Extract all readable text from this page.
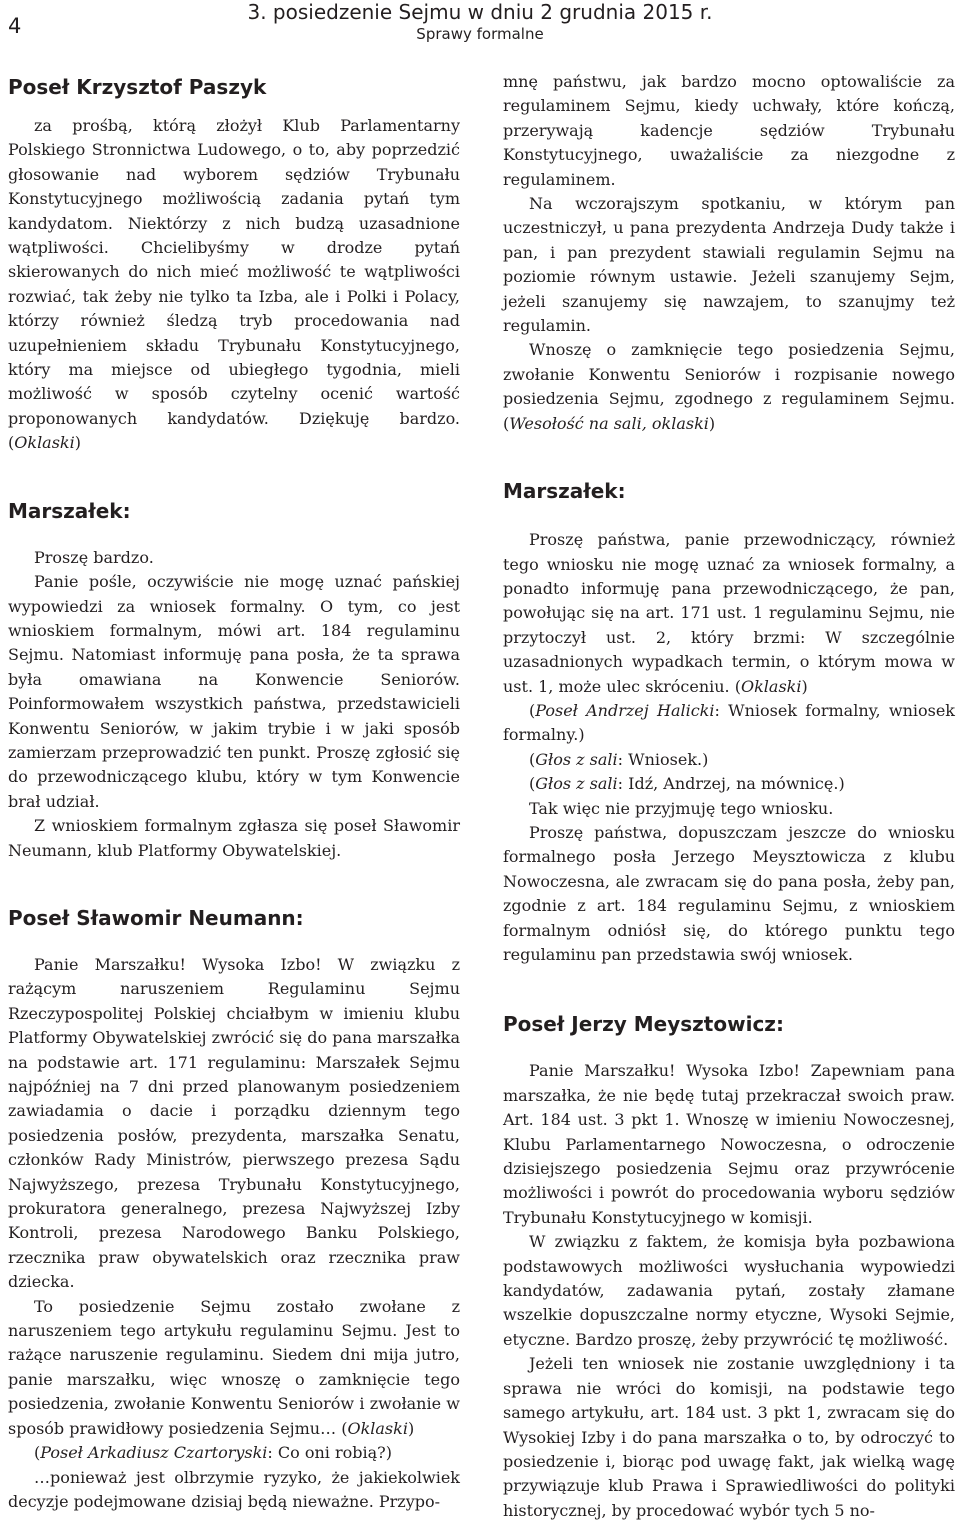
4
3. posiedzenie Sejmu w dniu 2 grudnia 2015 r.
Sprawy formalne
Poseł Krzysztof Paszyk

za prośbą, którą złożył Klub Parlamentarny Polskiego Stronnictwa Ludowego, o to, aby poprzedzić głosowanie nad wyborem sędziów Trybunału Konstytucyjnego możliwością zadania pytań tym kandydatom. Niektórzy z nich budzą uzasadnione wątpliwości. Chcielibyśmy w drodze pytań skierowanych do nich mieć możliwość te wątpliwości rozwiać, tak żeby nie tylko ta Izba, ale i Polki i Polacy, którzy również śledzą tryb procedowania nad uzupełnieniem składu Trybunału Konstytucyjnego, który ma miejsce od ubiegłego tygodnia, mieli możliwość w sposób czytelny ocenić wartość proponowanych kandydatów. Dziękuję bardzo. (Oklaski)

Marszałek:

Proszę bardzo.

Panie pośle, oczywiście nie mogę uznać pańskiej wypowiedzi za wniosek formalny. O tym, co jest wnioskiem formalnym, mówi art. 184 regulaminu Sejmu. Natomiast informuję pana posła, że ta sprawa była omawiana na Konwencie Seniorów. Poinformowałem wszystkich państwa, przedstawicieli Konwentu Seniorów, w jakim trybie i w jaki sposób zamierzam przeprowadzić ten punkt. Proszę zgłosić się do przewodniczącego klubu, który w tym Konwencie brał udział.

Z wnioskiem formalnym zgłasza się poseł Sławomir Neumann, klub Platformy Obywatelskiej.

Poseł Sławomir Neumann:

Panie Marszałku! Wysoka Izbo! W związku z rażącym naruszeniem Regulaminu Sejmu Rzeczypospolitej Polskiej chciałbym w imieniu klubu Platformy Obywatelskiej zwrócić się do pana marszałka na podstawie art. 171 regulaminu: Marszałek Sejmu najpóźniej na 7 dni przed planowanym posiedzeniem zawiadamia o dacie i porządku dziennym tego posiedzenia posłów, prezydenta, marszałka Senatu, członków Rady Ministrów, pierwszego prezesa Sądu Najwyższego, prezesa Trybunału Konstytucyjnego, prokuratora generalnego, prezesa Najwyższej Izby Kontroli, prezesa Narodowego Banku Polskiego, rzecznika praw obywatelskich oraz rzecznika praw dziecka.

To posiedzenie Sejmu zostało zwołane z naruszeniem tego artykułu regulaminu Sejmu. Jest to rażące naruszenie regulaminu. Siedem dni mija jutro, panie marszałku, więc wnoszę o zamknięcie tego posiedzenia, zwołanie Konwentu Seniorów i zwołanie w sposób prawidłowy posiedzenia Sejmu… (Oklaski)

(Poseł Arkadiusz Czartoryski: Co oni robią?)

…ponieważ jest olbrzymie ryzyko, że jakiekolwiek decyzje podejmowane dzisiaj będą nieważne. Przypo-

mnę państwu, jak bardzo mocno optowaliście za regulaminem Sejmu, kiedy uchwały, które kończą, przerywają kadencje sędziów Trybunału Konstytucyjnego, uważaliście za niezgodne z regulaminem.

Na wczorajszym spotkaniu, w którym pan uczestniczył, u pana prezydenta Andrzeja Dudy także i pan, i pan prezydent stawiali regulamin Sejmu na poziomie równym ustawie. Jeżeli szanujemy Sejm, jeżeli szanujemy się nawzajem, to szanujmy też regulamin.

Wnoszę o zamknięcie tego posiedzenia Sejmu, zwołanie Konwentu Seniorów i rozpisanie nowego posiedzenia Sejmu, zgodnego z regulaminem Sejmu. (Wesołość na sali, oklaski)

Marszałek:

Proszę państwa, panie przewodniczący, również tego wniosku nie mogę uznać za wniosek formalny, a ponadto informuję pana przewodniczącego, że pan, powołując się na art. 171 ust. 1 regulaminu Sejmu, nie przytoczył ust. 2, który brzmi: W szczególnie uzasadnionych wypadkach termin, o którym mowa w ust. 1, może ulec skróceniu. (Oklaski)

(Poseł Andrzej Halicki: Wniosek formalny, wniosek formalny.)

(Głos z sali: Wniosek.)

(Głos z sali: Idź, Andrzej, na mównicę.)

Tak więc nie przyjmuję tego wniosku.

Proszę państwa, dopuszczam jeszcze do wniosku formalnego posła Jerzego Meysztowicza z klubu Nowoczesna, ale zwracam się do pana posła, żeby pan, zgodnie z art. 184 regulaminu Sejmu, z wnioskiem formalnym odniósł się, do którego punktu tego regulaminu pan przedstawia swój wniosek.

Poseł Jerzy Meysztowicz:

Panie Marszałku! Wysoka Izbo! Zapewniam pana marszałka, że nie będę tutaj przekraczał swoich praw. Art. 184 ust. 3 pkt 1. Wnoszę w imieniu Nowoczesnej, Klubu Parlamentarnego Nowoczesna, o odroczenie dzisiejszego posiedzenia Sejmu oraz przywrócenie możliwości i powrót do procedowania wyboru sędziów Trybunału Konstytucyjnego w komisji.

W związku z faktem, że komisja była pozbawiona podstawowych możliwości wysłuchania wypowiedzi kandydatów, zadawania pytań, zostały złamane wszelkie dopuszczalne normy etyczne, Wysoki Sejmie, etyczne. Bardzo proszę, żeby przywrócić tę możliwość.

Jeżeli ten wniosek nie zostanie uwzględniony i ta sprawa nie wróci do komisji, na podstawie tego samego artykułu, art. 184 ust. 3 pkt 1, zwracam się do Wysokiej Izby i do pana marszałka o to, by odroczyć to posiedzenie i, biorąc pod uwagę fakt, jak wielką wagę przywiązuje klub Prawa i Sprawiedliwości do polityki historycznej, by procedować wybór tych 5 no-
